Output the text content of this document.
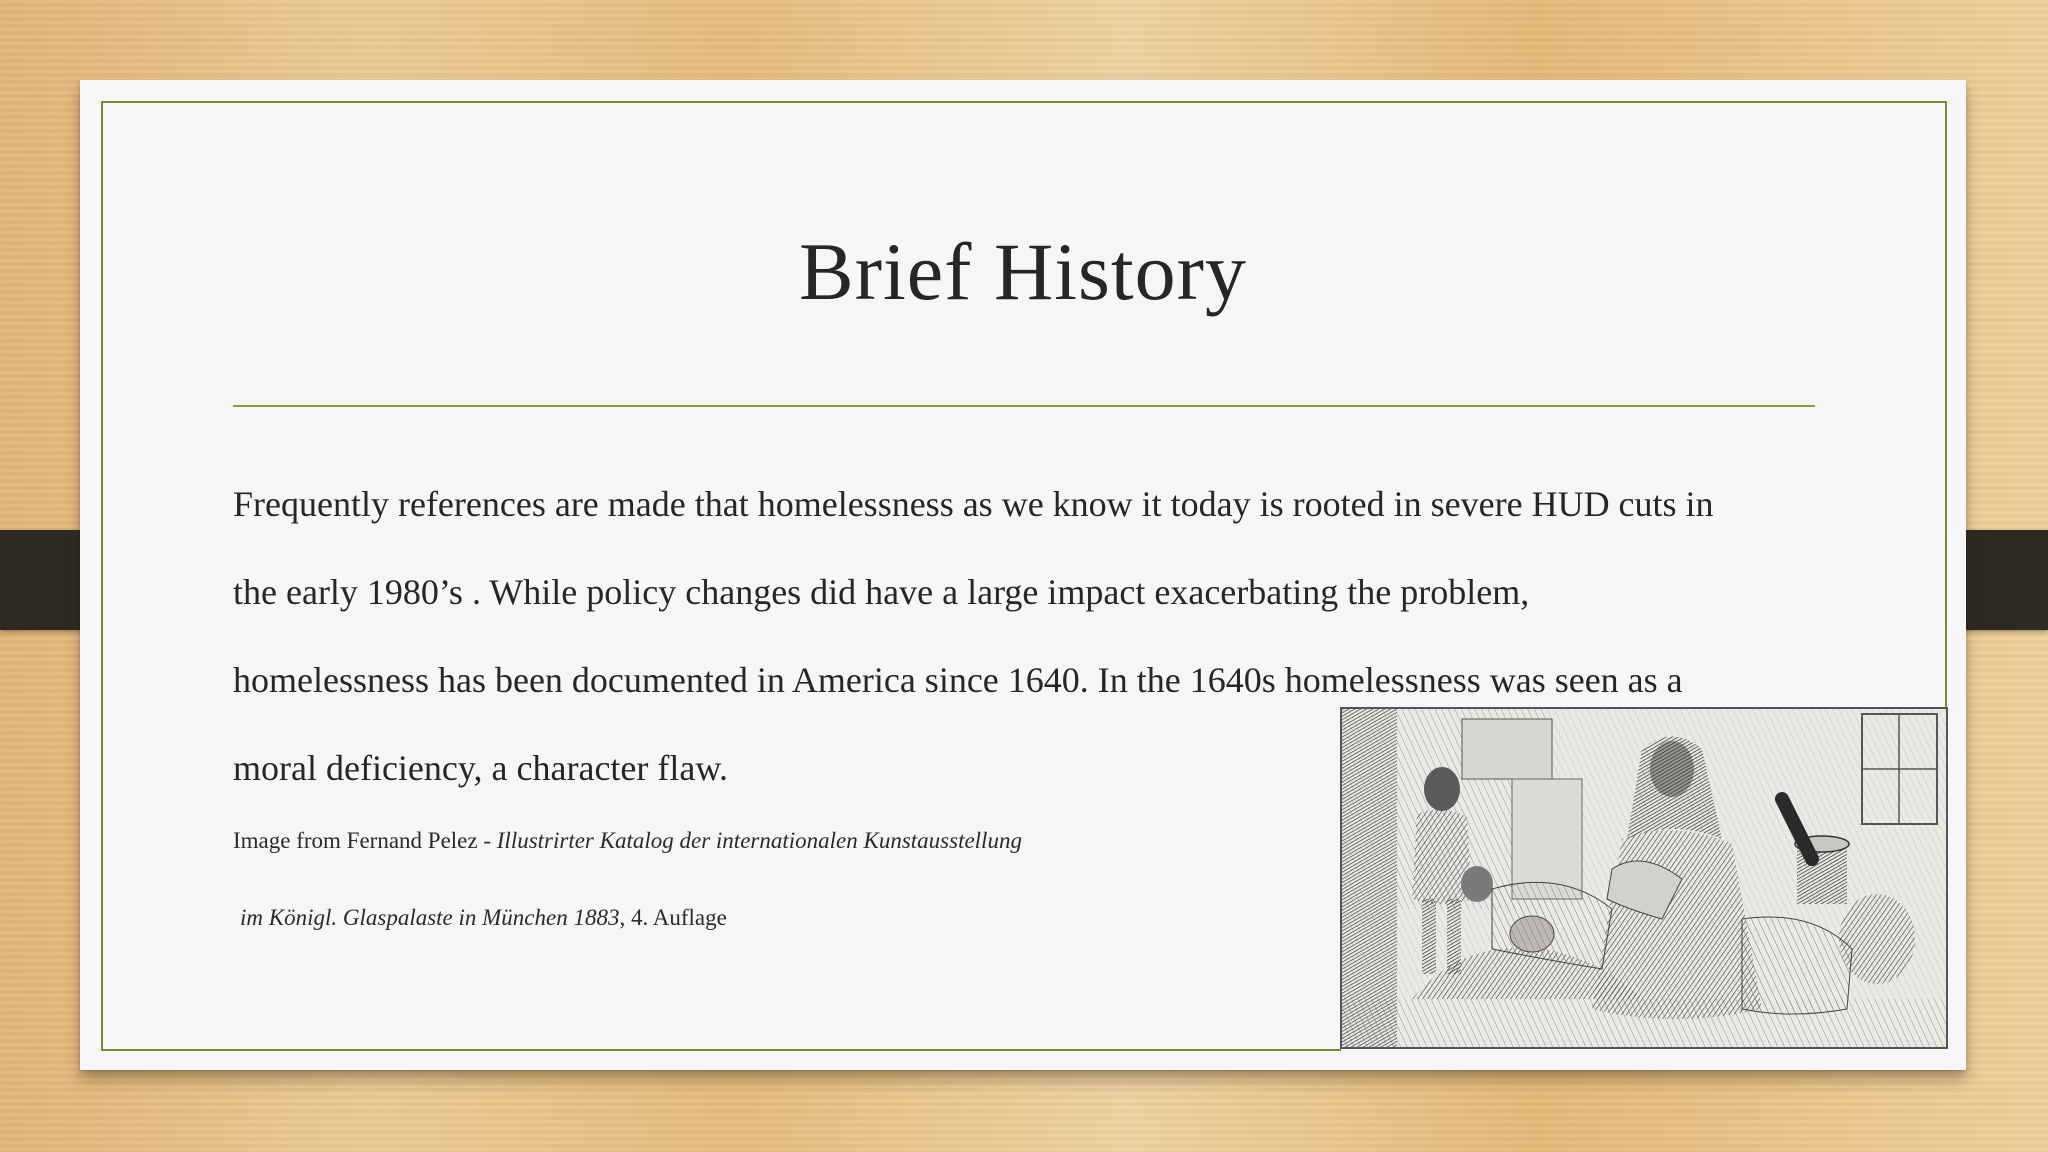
Brief History
Frequently references are made that homelessness as we know it today is rooted in severe HUD cuts in
the early 1980’s . While policy changes did have a large impact exacerbating the problem,
homelessness has been documented in America since 1640. In the 1640s homelessness was seen as a
moral deficiency, a character flaw.
Image from Fernand Pelez - Illustrirter Katalog der internationalen Kunstausstellung
im Königl. Glaspalaste in München 1883, 4. Auflage
